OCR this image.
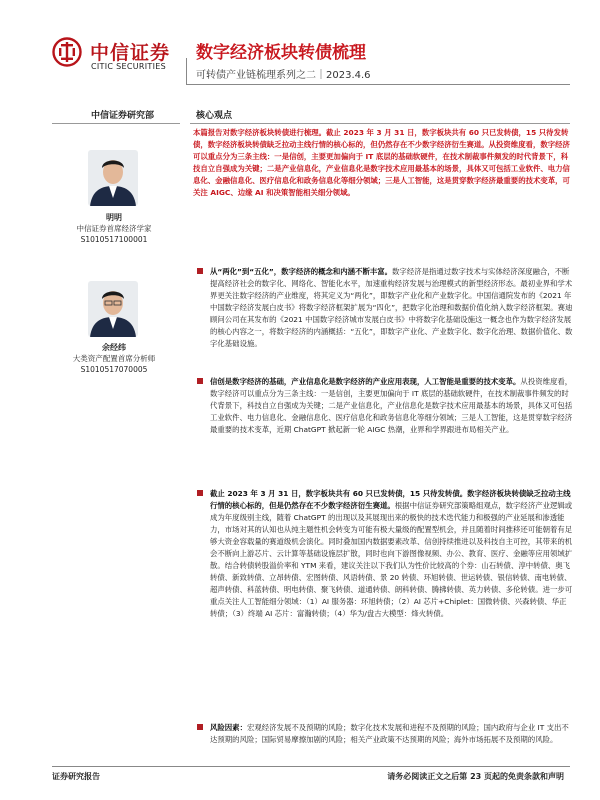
中信证券
CITIC SECURITIES
数字经济板块转债梳理
可转债产业链梳理系列之二｜2023.4.6
中信证券研究部	核心观点
明明
中信证券首席经济学家
S1010517100001
余经纬
大类资产配置首席分析师
S1010517070005
本篇报告对数字经济板块转债进行梳理。截止 2023 年 3 月 31 日，数字板块共有 60 只已发转债，15 只待发转债，数字经济板块转债缺乏拉动主线行情的核心标的，但仍然存在不少数字经济衍生赛道。从投资维度看，数字经济可以重点分为三条主线：一是信创，主要更加偏向于 IT 底层的基础软硬件，在技术制裁事件频发的时代背景下，科技自立自强成为关键；二是产业信息化，产业信息化是数字技术应用最基本的场景，具体又可包括工业软件、电力信息化、金融信息化、医疗信息化和政务信息化等细分领域；三是人工智能，这是贯穿数字经济最重要的技术变革，可关注 AIGC、边缘 AI 和决策智能相关细分领域。
从“两化”到“五化”，数字经济的概念和内涵不断丰富。数字经济是指通过数字技术与实体经济深度融合，不断提高经济社会的数字化、网络化、智能化水平，加速重构经济发展与治理模式的新型经济形态。最初业界和学术界更关注数字经济的产业维度，将其定义为“两化”，即数字产业化和产业数字化。中国信通院发布的《2021 年中国数字经济发展白皮书》将数字经济框架扩展为“四化”，把数字化治理和数据价值化纳入数字经济框架。赛迪顾问公司在其发布的《2021 中国数字经济城市发展白皮书》中将数字化基础设施这一概念也作为数字经济发展的核心内容之一，将数字经济的内涵概括：“五化”，即数字产业化、产业数字化、数字化治理、数据价值化、数字化基础设施。
信创是数字经济的基础，产业信息化是数字经济的产业应用表现，人工智能是重要的技术变革。从投资维度看，数字经济可以重点分为三条主线：一是信创，主要更加偏向于 IT 底层的基础软硬件，在技术制裁事件频发的时代背景下，科技自立自强成为关键；二是产业信息化，产业信息化是数字技术应用最基本的场景，具体又可包括工业软件、电力信息化、金融信息化、医疗信息化和政务信息化等细分领域；三是人工智能，这是贯穿数字经济最重要的技术变革，近期 ChatGPT 掀起新一轮 AIGC 热潮，业界和学界跟进布局相关产业。
截止 2023 年 3 月 31 日，数字板块共有 60 只已发转债，15 只待发转债。数字经济板块转债缺乏拉动主线行情的核心标的，但是仍然存在不少数字经济衍生赛道。根据中信证券研究部策略组观点，数字经济产业逻辑或成为年度级别主线，随着 ChatGPT 的出现以及其展现出来的极快的技术迭代能力和极强的产业延展和渗透能力，市场对其的认知也从纯主题性机会转变为可能有极大量级的配置型机会，并且随着时间推移还可能朝着有足够大资金容载量的赛道级机会演化。同时叠加国内数据要素改革、信创持续推进以及科技自主可控，其带来的机会不断向上游芯片、云计算等基础设施层扩散，同时也向下游图像视频、办公、教育、医疗、金融等应用领域扩散。结合转债转股溢价率和 YTM 来看，建议关注以下我们认为性价比较高的个券：山石转债、淳中转债、奥飞转债、新致转债、立昂转债、宏图转债、风语转债、景 20 转债、环旭转债、世运转债、银信转债、南电转债、超声转债、科蓝转债、明电转债、聚飞转债、道通转债、朗科转债、腾拂转债、英力转债、多伦转债。进一步可重点关注人工智能细分领域：（1）AI 服务器：环旭转债；（2）AI 芯片+Chiplet：国微转债、兴森转债、华正转债；（3）终端 AI 芯片：富瀚转债；（4）华为/盘古大模型：烽火转债。
风险因素：宏观经济发展不及预期的风险；数字化技术发展和进程不及预期的风险；国内政府与企业 IT 支出不达预期的风险；国际贸易摩擦加剧的风险；相关产业政策不达预期的风险；海外市场拓展不及预期的风险。
证券研究报告	请务必阅读正文之后第 23 页起的免责条款和声明
